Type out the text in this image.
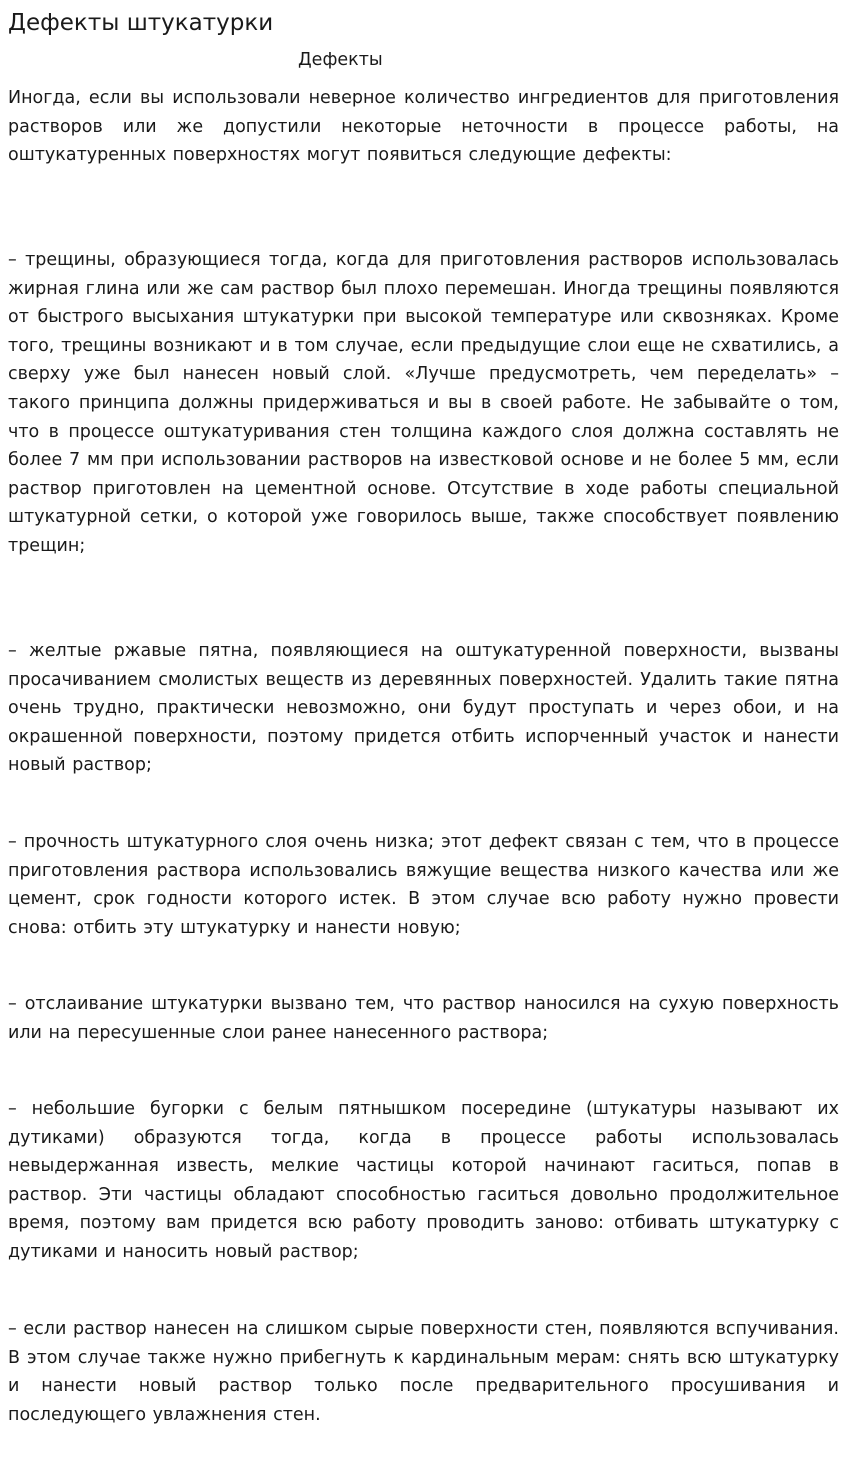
Дефекты штукатурки
Дефекты

Иногда, если вы использовали неверное количество ингредиентов для приготовления растворов или же допустили некоторые неточности в процессе работы, на оштукатуренных поверхностях могут появиться следующие дефекты:

– трещины, образующиеся тогда, когда для приготовления растворов использовалась жирная глина или же сам раствор был плохо перемешан. Иногда трещины появляются от быстрого высыхания штукатурки при высокой температуре или сквозняках. Кроме того, трещины возникают и в том случае, если предыдущие слои еще не схватились, а сверху уже был нанесен новый слой. «Лучше предусмотреть, чем переделать» – такого принципа должны придерживаться и вы в своей работе. Не забывайте о том, что в процессе оштукатуривания стен толщина каждого слоя должна составлять не более 7 мм при использовании растворов на известковой основе и не более 5 мм, если раствор приготовлен на цементной основе. Отсутствие в ходе работы специальной штукатурной сетки, о которой уже говорилось выше, также способствует появлению трещин;

– желтые ржавые пятна, появляющиеся на оштукатуренной поверхности, вызваны просачиванием смолистых веществ из деревянных поверхностей. Удалить такие пятна очень трудно, практически невозможно, они будут проступать и через обои, и на окрашенной поверхности, поэтому придется отбить испорченный участок и нанести новый раствор;

– прочность штукатурного слоя очень низка; этот дефект связан с тем, что в процессе приготовления раствора использовались вяжущие вещества низкого качества или же цемент, срок годности которого истек. В этом случае всю работу нужно провести снова: отбить эту штукатурку и нанести новую;

– отслаивание штукатурки вызвано тем, что раствор наносился на сухую поверхность или на пересушенные слои ранее нанесенного раствора;

– небольшие бугорки с белым пятнышком посередине (штукатуры называют их дутиками) образуются тогда, когда в процессе работы использовалась невыдержанная известь, мелкие частицы которой начинают гаситься, попав в раствор. Эти частицы обладают способностью гаситься довольно продолжительное время, поэтому вам придется всю работу проводить заново: отбивать штукатурку с дутиками и наносить новый раствор;

– если раствор нанесен на слишком сырые поверхности стен, появляются вспучивания. В этом случае также нужно прибегнуть к кардинальным мерам: снять всю штукатурку и нанести новый раствор только после предварительного просушивания и последующего увлажнения стен.
